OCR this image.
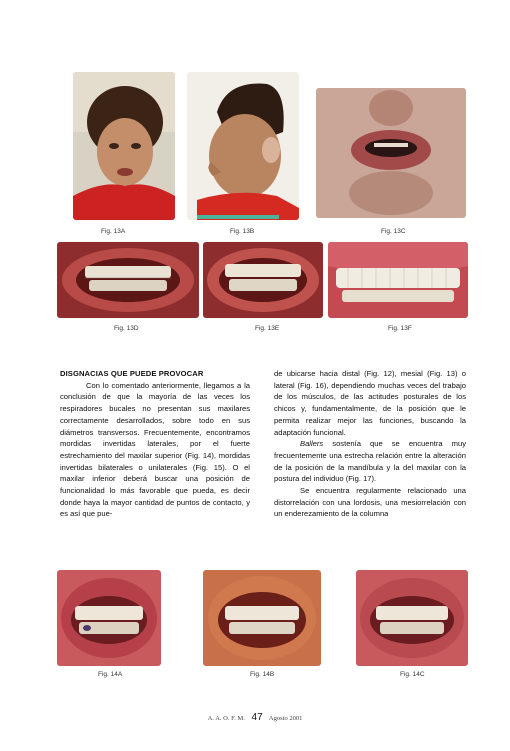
Fig. 13A	Fig. 13B	Fig. 13C
Fig. 13D	Fig. 13E	Fig. 13F

DISGNACIAS QUE PUEDE PROVOCAR

Con lo comentado anteriormente, llegamos a la conclusión de que la mayoría de las veces los respiradores bucales no presentan sus maxilares correctamente desarrollados, sobre todo en sus diámetros transversos. Frecuentemente, encontramos mordidas invertidas laterales, por el fuerte estrechamiento del maxilar superior (Fig. 14), mordidas invertidas bilaterales o unilaterales (Fig. 15). O el maxilar inferior deberá buscar una posición de funcionalidad lo más favorable que pueda, es decir donde haya la mayor cantidad de puntos de contacto, y es así que pue-

de ubicarse hacia distal (Fig. 12), mesial (Fig. 13) o lateral (Fig. 16), dependiendo muchas veces del trabajo de los músculos, de las actitudes posturales de los chicos y, fundamentalmente, de la posición que le permita realizar mejor las funciones, buscando la adaptación funcional.

Ballers sostenía que se encuentra muy frecuentemente una estrecha relación entre la alteración de la posición de la mandíbula y la del maxilar con la postura del individuo (Fig. 17).

Se encuentra regularmente relacionado una distorrelación con una lordosis, una mesiorrelación con un enderezamiento de la columna

Fig. 14A	Fig. 14B	Fig. 14C
A. A. O. F. M. 47 Agosto 2001
